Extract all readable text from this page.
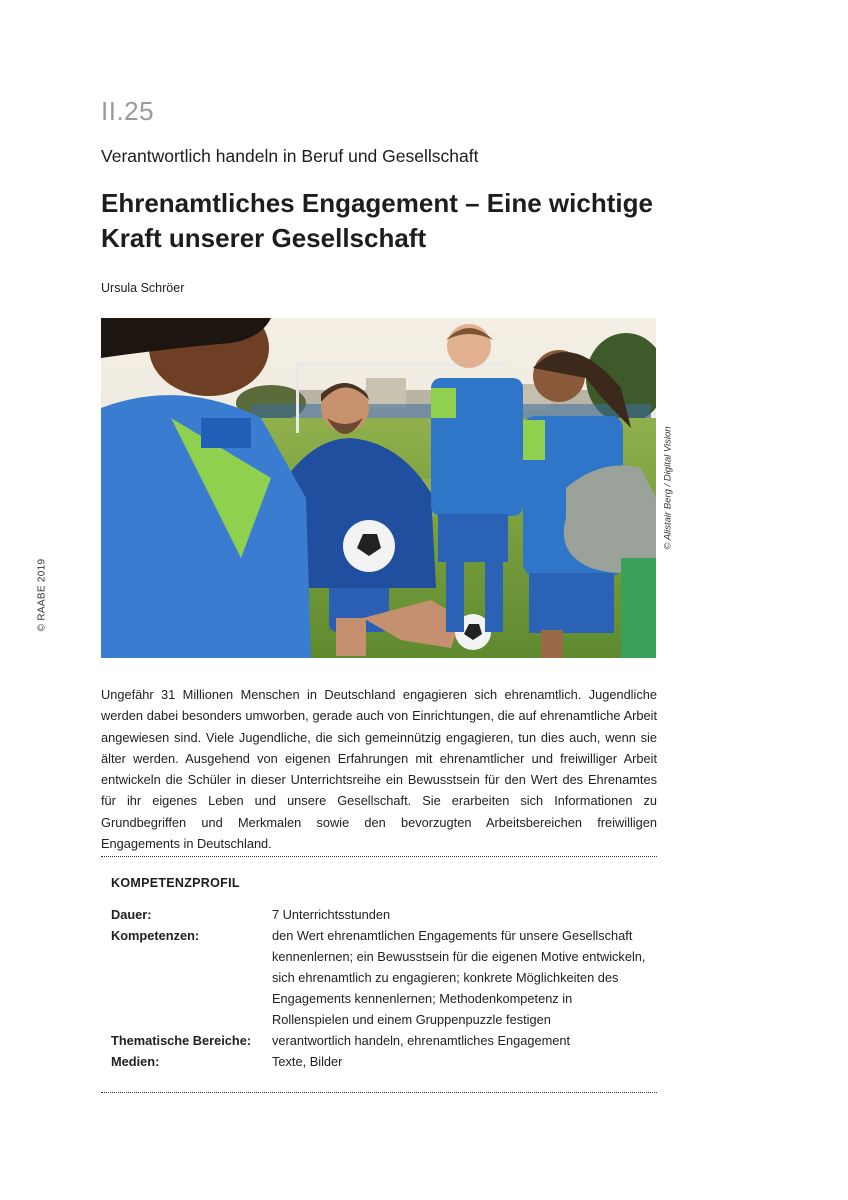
II.25
Verantwortlich handeln in Beruf und Gesellschaft
Ehrenamtliches Engagement – Eine wichtige Kraft unserer Gesellschaft
Ursula Schröer
© RAABE 2019
© Alistair Berg / Digital Vision

Ungefähr 31 Millionen Menschen in Deutschland engagieren sich ehrenamtlich. Jugendliche werden dabei besonders umworben, gerade auch von Einrichtungen, die auf ehrenamtliche Arbeit angewiesen sind. Viele Jugendliche, die sich gemeinnützig engagieren, tun dies auch, wenn sie älter werden. Ausgehend von eigenen Erfahrungen mit ehrenamtlicher und freiwilliger Arbeit entwickeln die Schüler in dieser Unterrichtsreihe ein Bewusstsein für den Wert des Ehrenamtes für ihr eigenes Leben und unsere Gesellschaft. Sie erarbeiten sich Informationen zu Grundbegriffen und Merkmalen sowie den bevorzugten Arbeitsbereichen freiwilligen Engagements in Deutschland.

KOMPETENZPROFIL
Dauer:	7 Unterrichtsstunden
Kompetenzen:	den Wert ehrenamtlichen Engagements für unsere Gesellschaft kennenlernen; ein Bewusstsein für die eigenen Motive entwickeln, sich ehrenamtlich zu engagieren; konkrete Möglichkeiten des Engagements kennenlernen; Methodenkompetenz in Rollenspielen und einem Gruppenpuzzle festigen
Thematische Bereiche:	verantwortlich handeln, ehrenamtliches Engagement
Medien:	Texte, Bilder
